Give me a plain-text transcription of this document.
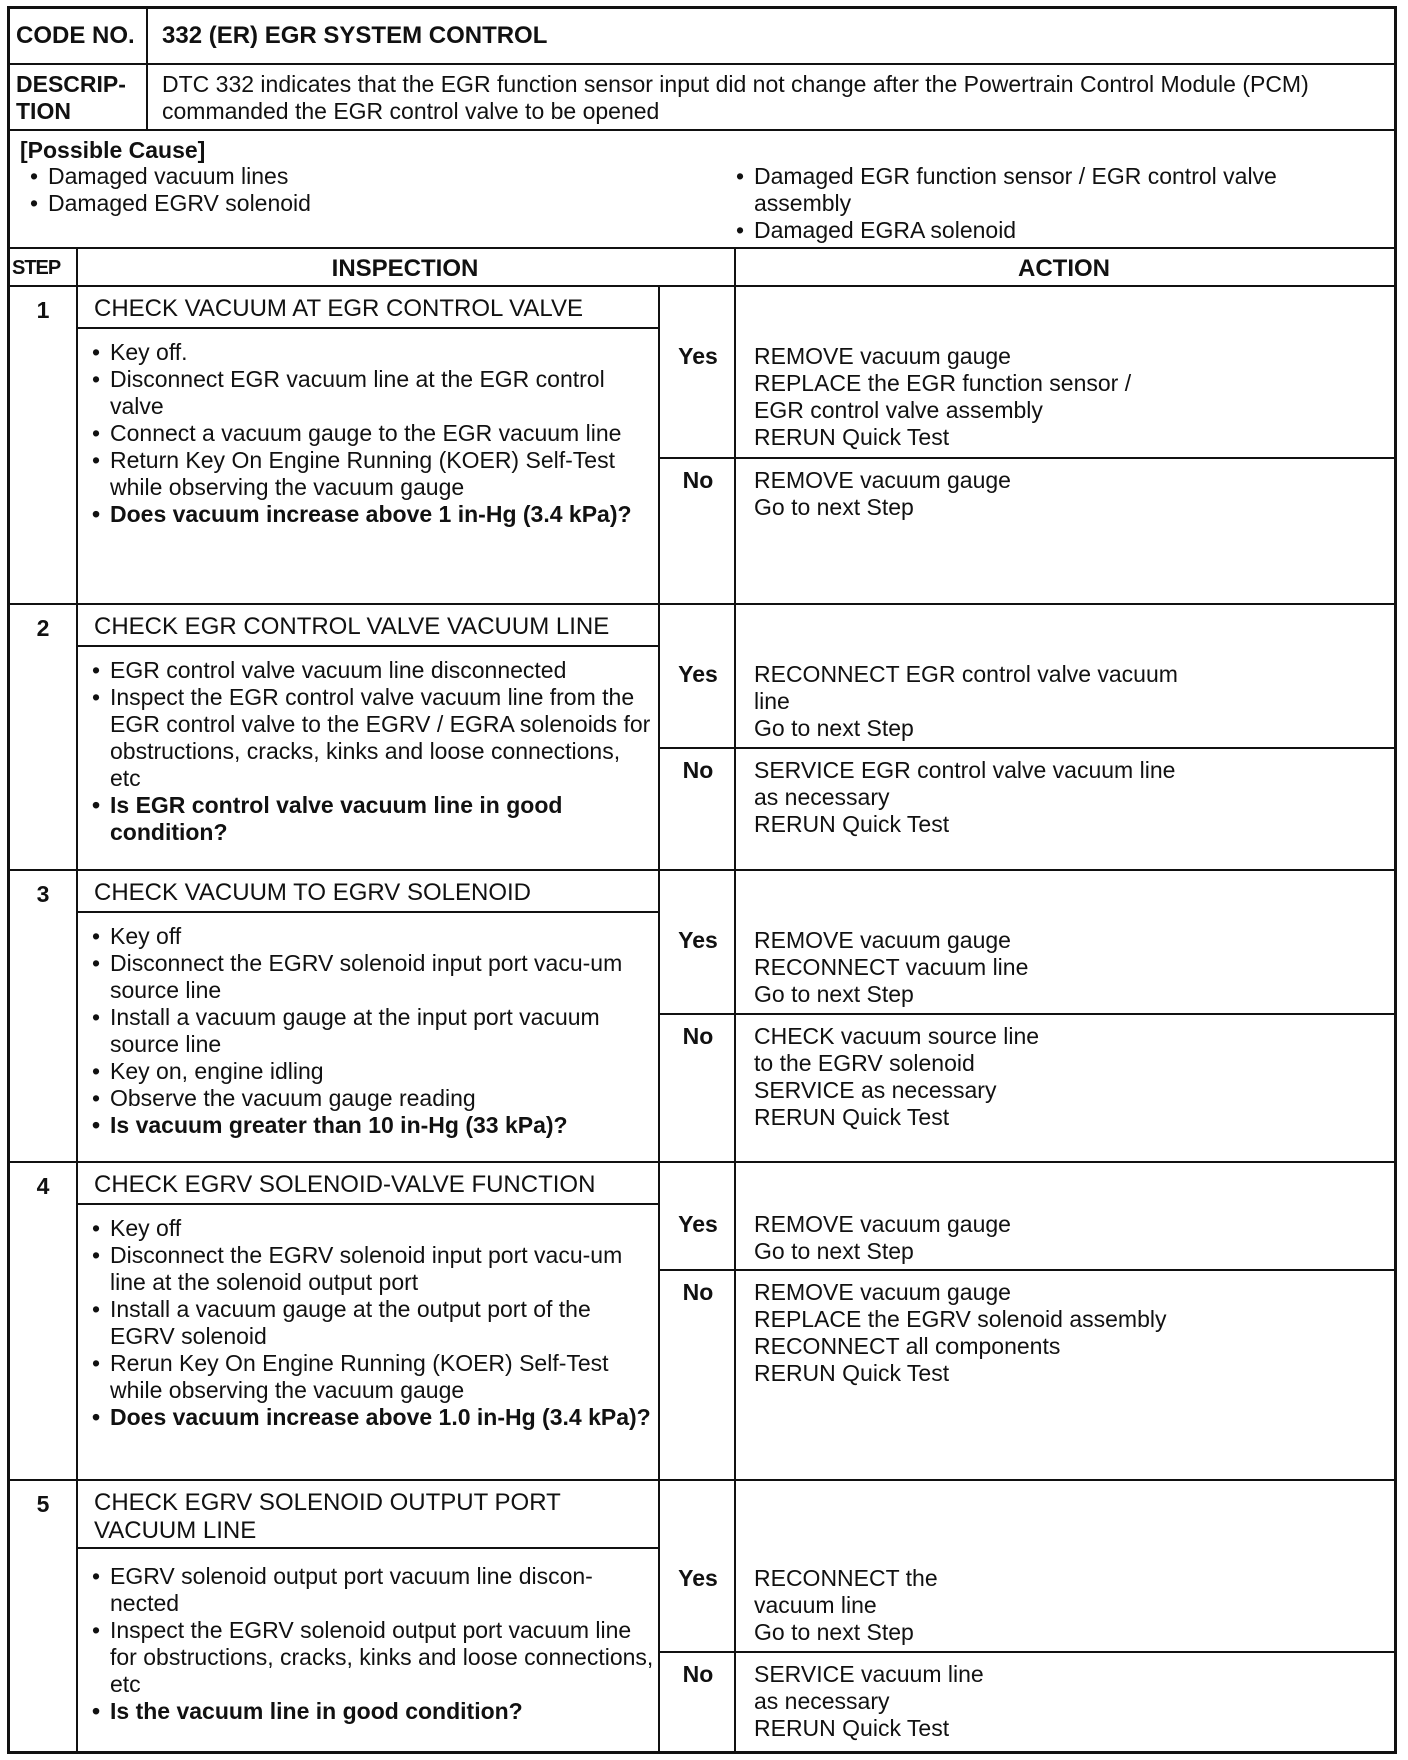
CODE NO. 332 (ER) EGR SYSTEM CONTROL
DESCRIP-
TION
DTC 332 indicates that the EGR function sensor input did not change after the Powertrain Control Module (PCM)
commanded the EGR control valve to be opened
[Possible Cause]
• Damaged vacuum lines
• Damaged EGRV solenoid
• Damaged EGR function sensor / EGR control valve
assembly
• Damaged EGRA solenoid
STEP	INSPECTION	ACTION
1	CHECK VACUUM AT EGR CONTROL VALVE
• Key off.
• Disconnect EGR vacuum line at the EGR control valve
• Connect a vacuum gauge to the EGR vacuum line
• Return Key On Engine Running (KOER) Self-Test while observing the vacuum gauge
• Does vacuum increase above 1 in-Hg (3.4 kPa)?
Yes	REMOVE vacuum gauge
REPLACE the EGR function sensor /
EGR control valve assembly
RERUN Quick Test
No	REMOVE vacuum gauge
Go to next Step
2	CHECK EGR CONTROL VALVE VACUUM LINE
• EGR control valve vacuum line disconnected
• Inspect the EGR control valve vacuum line from the EGR control valve to the EGRV / EGRA solenoids for obstructions, cracks, kinks and loose connections, etc
• Is EGR control valve vacuum line in good condition?
Yes	RECONNECT EGR control valve vacuum
line
Go to next Step
No	SERVICE EGR control valve vacuum line
as necessary
RERUN Quick Test
3	CHECK VACUUM TO EGRV SOLENOID
• Key off
• Disconnect the EGRV solenoid input port vacu-um source line
• Install a vacuum gauge at the input port vacuum source line
• Key on, engine idling
• Observe the vacuum gauge reading
• Is vacuum greater than 10 in-Hg (33 kPa)?
Yes	REMOVE vacuum gauge
RECONNECT vacuum line
Go to next Step
No	CHECK vacuum source line
to the EGRV solenoid
SERVICE as necessary
RERUN Quick Test
4	CHECK EGRV SOLENOID-VALVE FUNCTION
• Key off
• Disconnect the EGRV solenoid input port vacu-um line at the solenoid output port
• Install a vacuum gauge at the output port of the EGRV solenoid
• Rerun Key On Engine Running (KOER) Self-Test while observing the vacuum gauge
• Does vacuum increase above 1.0 in-Hg (3.4 kPa)?
Yes	REMOVE vacuum gauge
Go to next Step
No	REMOVE vacuum gauge
REPLACE the EGRV solenoid assembly
RECONNECT all components
RERUN Quick Test
5	CHECK EGRV SOLENOID OUTPUT PORT VACUUM LINE
• EGRV solenoid output port vacuum line discon-nected
• Inspect the EGRV solenoid output port vacuum line for obstructions, cracks, kinks and loose connections, etc
• Is the vacuum line in good condition?
Yes	RECONNECT the
vacuum line
Go to next Step
No	SERVICE vacuum line
as necessary
RERUN Quick Test
